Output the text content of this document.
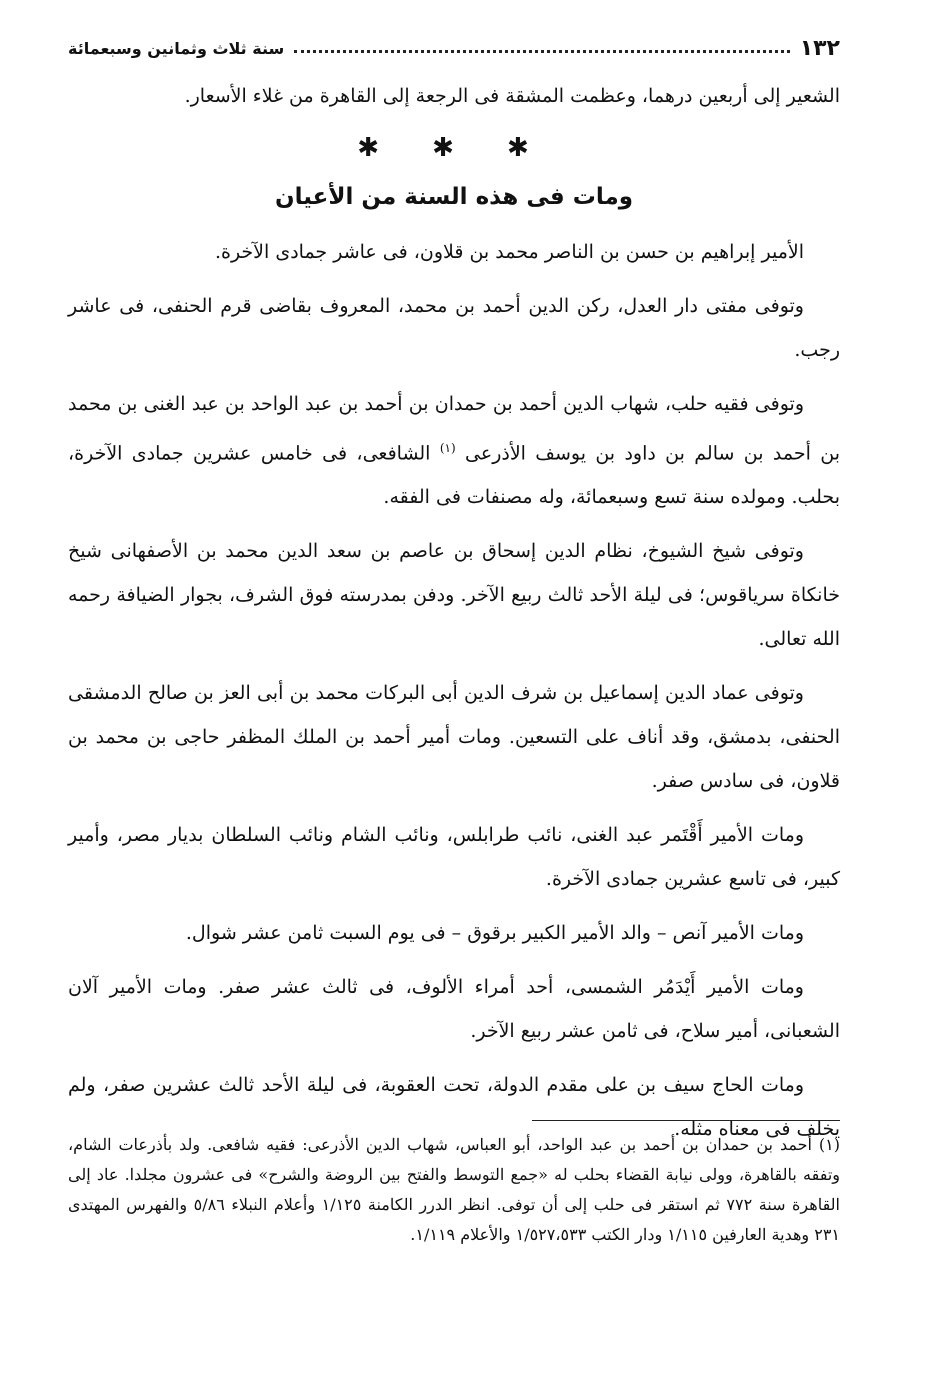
١٣٢
سنة ثلاث وثمانين وسبعمائة

الشعير إلى أربعين درهما، وعظمت المشقة فى الرجعة إلى القاهرة من غلاء الأسعار.

✱ ✱ ✱
ومات فى هذه السنة من الأعيان

الأمير إبراهيم بن حسن بن الناصر محمد بن قلاون، فى عاشر جمادى الآخرة.

وتوفى مفتى دار العدل، ركن الدين أحمد بن محمد، المعروف بقاضى قرم الحنفى، فى عاشر رجب.

وتوفى فقيه حلب، شهاب الدين أحمد بن حمدان بن أحمد بن عبد الواحد بن عبد الغنى بن محمد بن أحمد بن سالم بن داود بن يوسف الأذرعى $^{(١)}$ الشافعى، فى خامس عشرين جمادى الآخرة، بحلب. ومولده سنة تسع وسبعمائة، وله مصنفات فى الفقه.

وتوفى شيخ الشيوخ، نظام الدين إسحاق بن عاصم بن سعد الدين محمد بن الأصفهانى شيخ خانكاة سرياقوس؛ فى ليلة الأحد ثالث ربيع الآخر. ودفن بمدرسته فوق الشرف، بجوار الضيافة رحمه الله تعالى.

وتوفى عماد الدين إسماعيل بن شرف الدين أبى البركات محمد بن أبى العز بن صالح الدمشقى الحنفى، بدمشق، وقد أناف على التسعين. ومات أمير أحمد بن الملك المظفر حاجى بن محمد بن قلاون، فى سادس صفر.

ومات الأمير أَقْتَمر عبد الغنى، نائب طرابلس، ونائب الشام ونائب السلطان بديار مصر، وأمير كبير، فى تاسع عشرين جمادى الآخرة.

ومات الأمير آنص – والد الأمير الكبير برقوق – فى يوم السبت ثامن عشر شوال.

ومات الأمير أَيْدَمُر الشمسى، أحد أمراء الألوف، فى ثالث عشر صفر. ومات الأمير آلان الشعبانى، أمير سلاح، فى ثامن عشر ربيع الآخر.

ومات الحاج سيف بن على مقدم الدولة، تحت العقوبة، فى ليلة الأحد ثالث عشرين صفر، ولم يخلف فى معناه مثله.

(١) أحمد بن حمدان بن أحمد بن عبد الواحد، أبو العباس، شهاب الدين الأذرعى: فقيه شافعى. ولد بأذرعات الشام، وتفقه بالقاهرة، وولى نيابة القضاء بحلب له «جمع التوسط والفتح بين الروضة والشرح» فى عشرون مجلدا. عاد إلى القاهرة سنة ٧٧٢ ثم استقر فى حلب إلى أن توفى. انظر الدرر الكامنة ١/١٢٥ وأعلام النبلاء ٥/٨٦ والفهرس المهتدى ٢٣١ وهدية العارفين ١/١١٥ ودار الكتب ١/٥٢٧،٥٣٣ والأعلام ١/١١٩.
